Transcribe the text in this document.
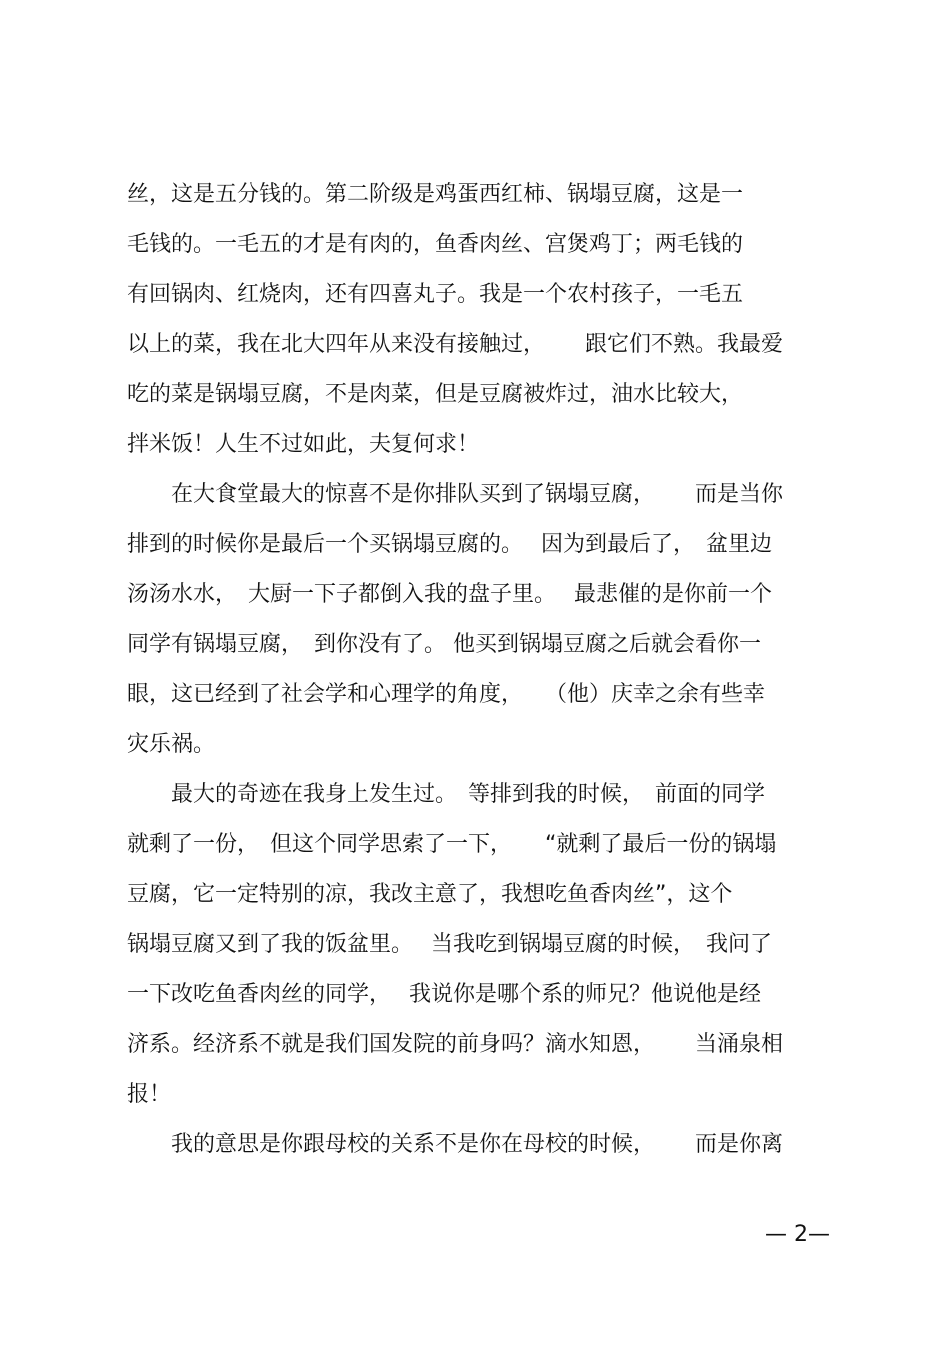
丝，这是五分钱的。第二阶级是鸡蛋西红柿、锅塌豆腐，这是一
毛钱的。一毛五的才是有肉的，鱼香肉丝、宫煲鸡丁；两毛钱的
有回锅肉、红烧肉，还有四喜丸子。我是一个农村孩子，一毛五
以上的菜，我在北大四年从来没有接触过，　　 跟它们不熟。我最爱
吃的菜是锅塌豆腐，不是肉菜，但是豆腐被炸过，油水比较大，
拌米饭！人生不过如此，夫复何求！
　　在大食堂最大的惊喜不是你排队买到了锅塌豆腐，　　 而是当你
排到的时候你是最后一个买锅塌豆腐的。　 因为到最后了，　盆里边
汤汤水水，　大厨一下子都倒入我的盘子里。　 最悲催的是你前一个
同学有锅塌豆腐，　到你没有了。 他买到锅塌豆腐之后就会看你一
眼，这已经到了社会学和心理学的角度，　　（他）庆幸之余有些幸
灾乐祸。
　　最大的奇迹在我身上发生过。　等排到我的时候，　前面的同学
就剩了一份，　但这个同学思索了一下，　　“就剩了最后一份的锅塌
豆腐，它一定特别的凉，我改主意了，我想吃鱼香肉丝”，这个
锅塌豆腐又到了我的饭盆里。　 当我吃到锅塌豆腐的时候，　我问了
一下改吃鱼香肉丝的同学，　 我说你是哪个系的师兄？他说他是经
济系。经济系不就是我们国发院的前身吗？滴水知恩，　　 当涌泉相
报！
　　我的意思是你跟母校的关系不是你在母校的时候，　　 而是你离
— 2—
